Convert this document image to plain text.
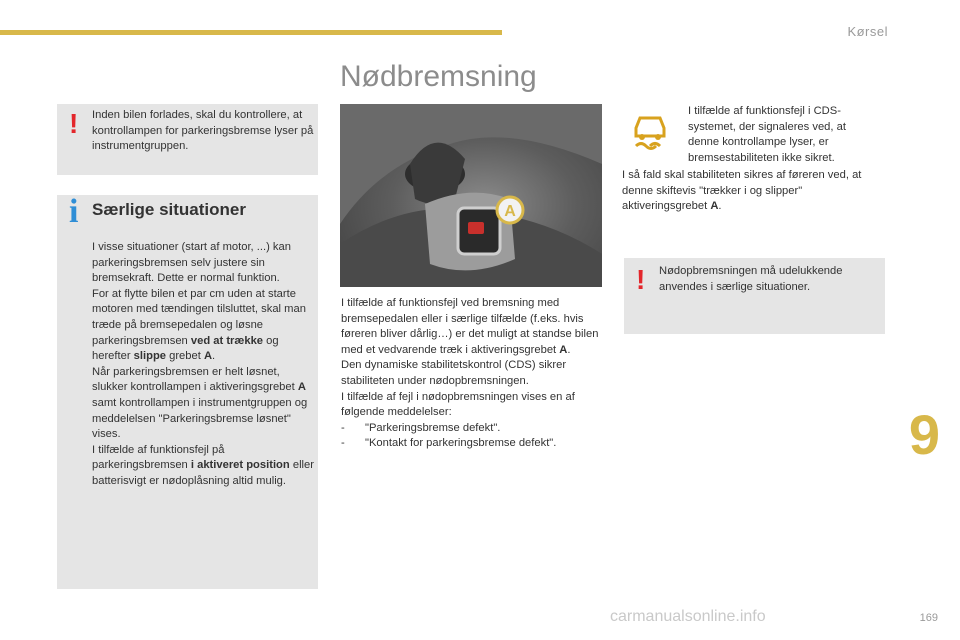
Kørsel
Nødbremsning
! Inden bilen forlades, skal du kontrollere, at kontrollampen for parkeringsbremse lyser på instrumentgruppen.
i Særlige situationer
I visse situationer (start af motor, ...) kan parkeringsbremsen selv justere sin bremsekraft. Dette er normal funktion.
For at flytte bilen et par cm uden at starte motoren med tændingen tilsluttet, skal man træde på bremsepedalen og løsne parkeringsbremsen ved at trække og herefter slippe grebet A.
Når parkeringsbremsen er helt løsnet, slukker kontrollampen i aktiveringsgrebet A samt kontrollampen i instrumentgruppen og meddelelsen "Parkeringsbremse løsnet" vises.
I tilfælde af funktionsfejl på parkeringsbremsen i aktiveret position eller batterisvigt er nødoplåsning altid mulig.
A
I tilfælde af funktionsfejl ved bremsning med bremsepedalen eller i særlige tilfælde (f.eks. hvis føreren bliver dårlig…) er det muligt at standse bilen med et vedvarende træk i aktiveringsgrebet A.
Den dynamiske stabilitetskontrol (CDS) sikrer stabiliteten under nødopbremsningen.
I tilfælde af fejl i nødopbremsningen vises en af følgende meddelelser:

- "Parkeringsbremse defekt".
- "Kontakt for parkeringsbremse defekt".
I tilfælde af funktionsfejl i CDS-systemet, der signaleres ved, at denne kontrollampe lyser, er bremsestabiliteten ikke sikret.
I så fald skal stabiliteten sikres af føreren ved, at denne skiftevis "trækker i og slipper" aktiveringsgrebet A.
! Nødopbremsningen må udelukkende anvendes i særlige situationer.
9
169
carmanualsonline.info
